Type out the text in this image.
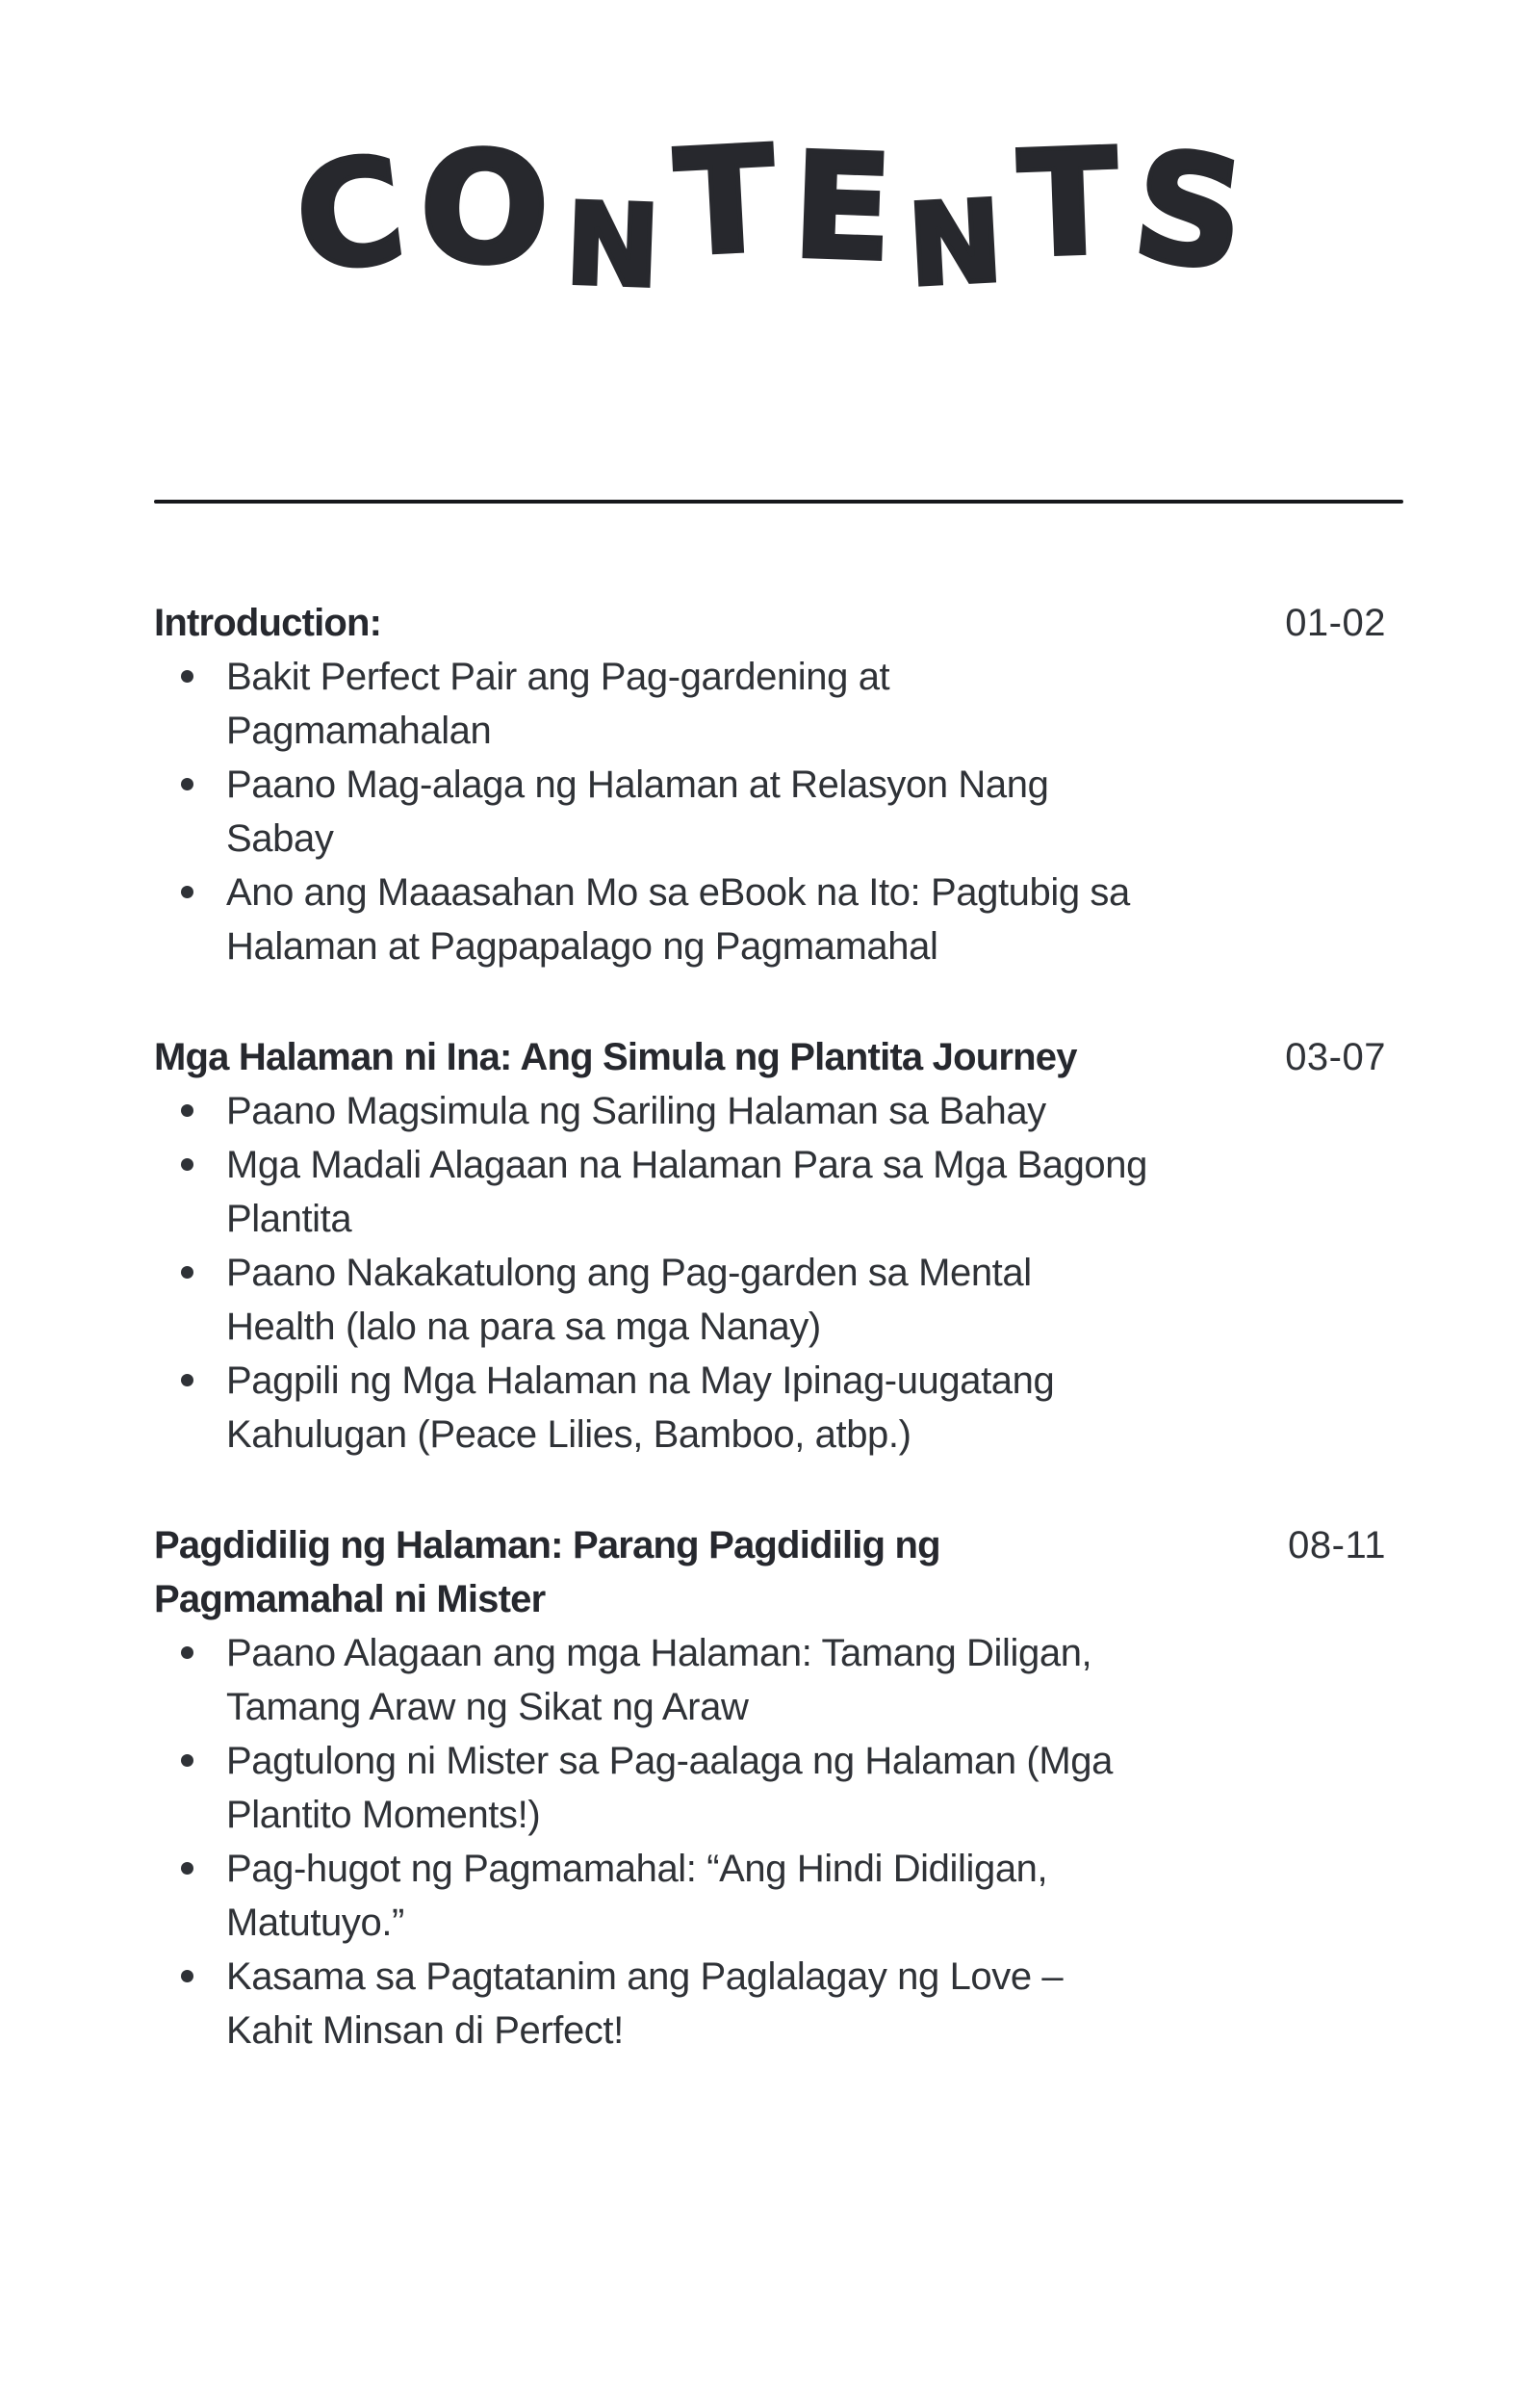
CONTENTS
Introduction:	01-02
Bakit Perfect Pair ang Pag-gardening at
Pagmamahalan
Paano Mag-alaga ng Halaman at Relasyon Nang
Sabay
Ano ang Maaasahan Mo sa eBook na Ito: Pagtubig sa
Halaman at Pagpapalago ng Pagmamahal
Mga Halaman ni Ina: Ang Simula ng Plantita Journey	03-07
Paano Magsimula ng Sariling Halaman sa Bahay
Mga Madali Alagaan na Halaman Para sa Mga Bagong
Plantita
Paano Nakakatulong ang Pag-garden sa Mental
Health (lalo na para sa mga Nanay)
Pagpili ng Mga Halaman na May Ipinag-uugatang
Kahulugan (Peace Lilies, Bamboo, atbp.)
Pagdidilig ng Halaman: Parang Pagdidilig ng
Pagmamahal ni Mister
08-11
Paano Alagaan ang mga Halaman: Tamang Diligan,
Tamang Araw ng Sikat ng Araw
Pagtulong ni Mister sa Pag-aalaga ng Halaman (Mga
Plantito Moments!)
Pag-hugot ng Pagmamahal: “Ang Hindi Didiligan,
Matutuyo.”
Kasama sa Pagtatanim ang Paglalagay ng Love –
Kahit Minsan di Perfect!
